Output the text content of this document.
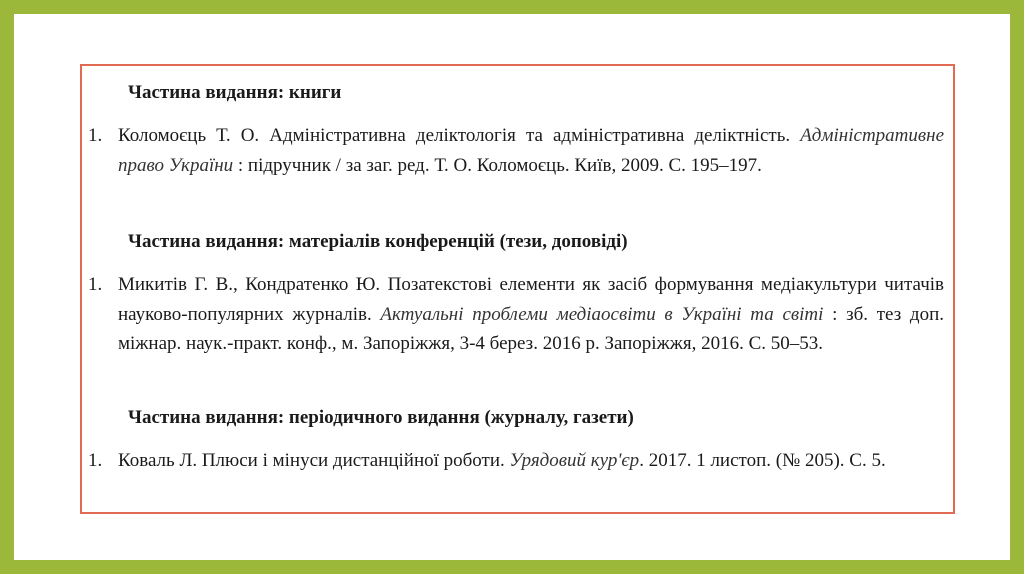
Частина видання: книги
1. Коломоєць Т. О. Адміністративна деліктологія та адміністративна деліктність. Адміністративне право України : підручник / за заг. ред. Т. О. Коломоєць. Київ, 2009. С. 195–197.
Частина видання: матеріалів конференцій (тези, доповіді)
1. Микитів Г. В., Кондратенко Ю. Позатекстові елементи як засіб формування медіакультури читачів науково-популярних журналів. Актуальні проблеми медіаосвіти в Україні та світі : зб. тез доп. міжнар. наук.-практ. конф., м. Запоріжжя, 3-4 берез. 2016 р. Запоріжжя, 2016. С. 50–53.
Частина видання: періодичного видання (журналу, газети)
1. Коваль Л. Плюси і мінуси дистанційної роботи. Урядовий кур'єр. 2017. 1 листоп. (№ 205). С. 5.
